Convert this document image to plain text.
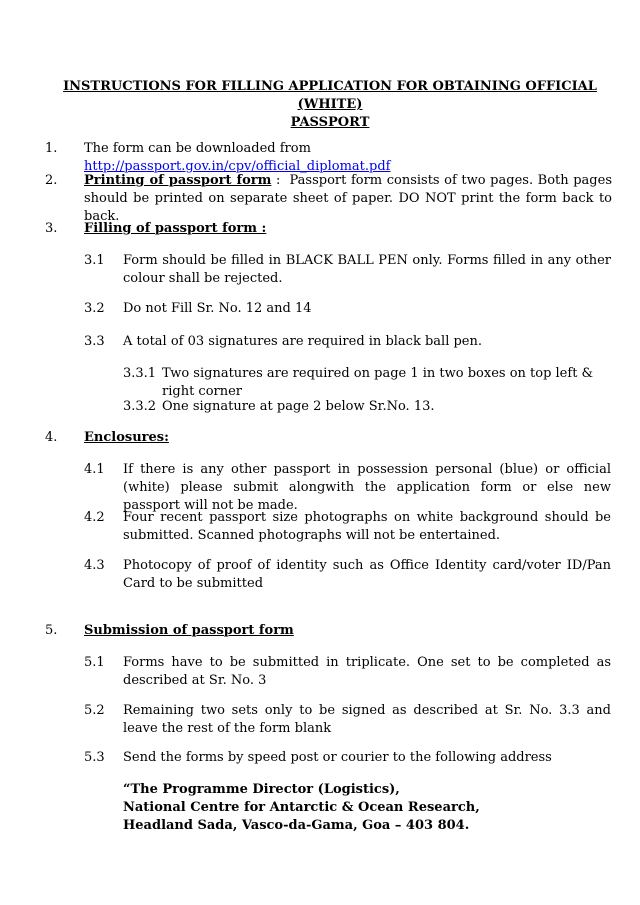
INSTRUCTIONS FOR FILLING APPLICATION FOR OBTAINING OFFICIAL (WHITE)
PASSPORT
1. The form can be downloaded from http://passport.gov.in/cpv/official_diplomat.pdf
2. Printing of passport form :  Passport form consists of two pages. Both pages should be printed on separate sheet of paper. DO NOT print the form back to back.
3. Filling of passport form :
3.1 Form should be filled in BLACK BALL PEN only. Forms filled in any other colour shall be rejected.
3.2 Do not Fill Sr. No. 12 and 14
3.3 A total of 03 signatures are required in black ball pen.
3.3.1 Two signatures are required on page 1 in two boxes on top left & right corner
3.3.2 One signature at page 2 below Sr.No. 13.
4. Enclosures:
4.1 If there is any other passport in possession personal (blue) or official (white) please submit alongwith the application form or else new passport will not be made.
4.2 Four recent passport size photographs on white background should be submitted. Scanned photographs will not be entertained.
4.3 Photocopy of proof of identity such as Office Identity card/voter ID/Pan Card to be submitted
5. Submission of passport form
5.1 Forms have to be submitted in triplicate. One set to be completed as described at Sr. No. 3
5.2 Remaining two sets only to be signed as described at Sr. No. 3.3 and leave the rest of the form blank
5.3 Send the forms by speed post or courier to the following address
“The Programme Director (Logistics),
National Centre for Antarctic & Ocean Research,
Headland Sada, Vasco-da-Gama, Goa – 403 804.
